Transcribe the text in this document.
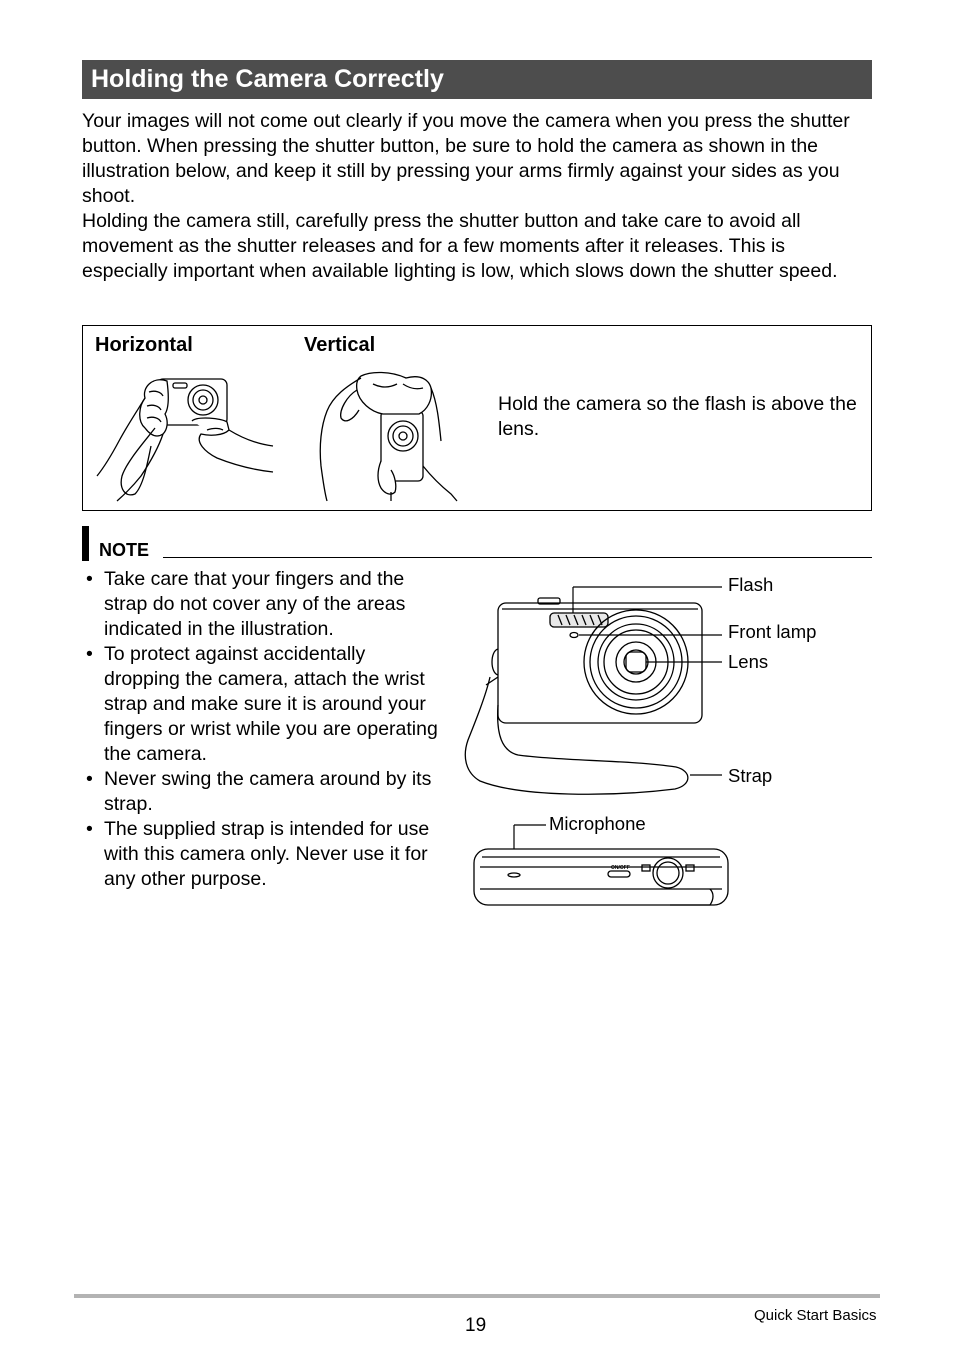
Holding the Camera Correctly

Your images will not come out clearly if you move the camera when you press the shutter button. When pressing the shutter button, be sure to hold the camera as shown in the illustration below, and keep it still by pressing your arms firmly against your sides as you shoot.

Holding the camera still, carefully press the shutter button and take care to avoid all movement as the shutter releases and for a few moments after it releases. This is especially important when available lighting is low, which slows down the shutter speed.

Horizontal	Vertical
Hold the camera so the flash is above the lens.
NOTE
• Take care that your fingers and the strap do not cover any of the areas indicated in the illustration.
• To protect against accidentally dropping the camera, attach the wrist strap and make sure it is around your fingers or wrist while you are operating the camera.
• Never swing the camera around by its strap.
• The supplied strap is intended for use with this camera only. Never use it for any other purpose.
Flash
Front lamp
Lens
Strap
ON/OFF
Microphone
19	Quick Start Basics
